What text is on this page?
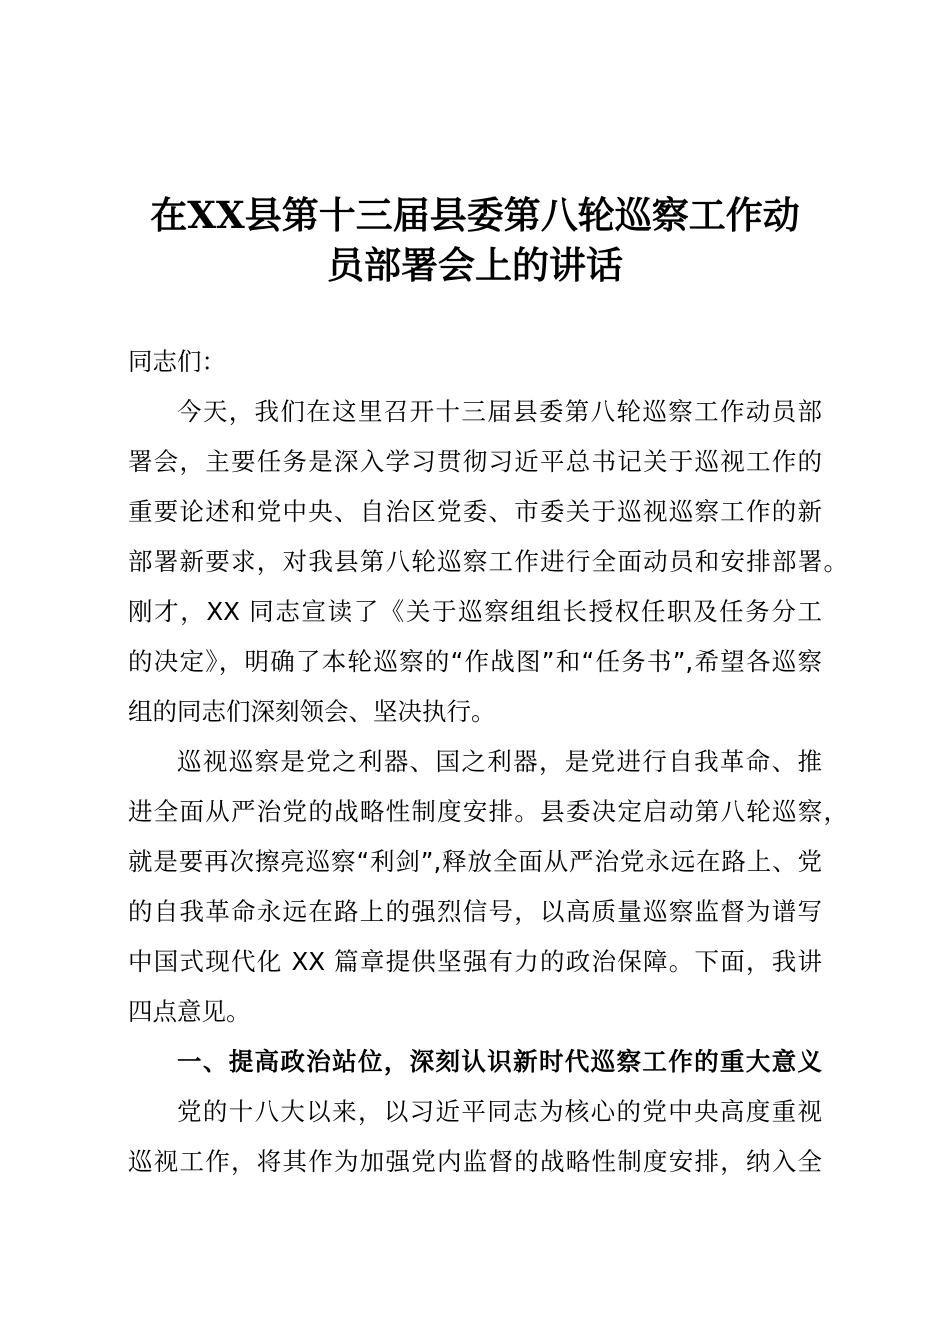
在XX县第十三届县委第八轮巡察工作动
员部署会上的讲话
同志们：
今天，我们在这里召开十三届县委第八轮巡察工作动员部
署会，主要任务是深入学习贯彻习近平总书记关于巡视工作的
重要论述和党中央、自治区党委、市委关于巡视巡察工作的新
部署新要求，对我县第八轮巡察工作进行全面动员和安排部署。
刚才，XX 同志宣读了《关于巡察组组长授权任职及任务分工
的决定》，明确了本轮巡察的“作战图”和“任务书”,希望各巡察
组的同志们深刻领会、坚决执行。
巡视巡察是党之利器、国之利器，是党进行自我革命、推
进全面从严治党的战略性制度安排。县委决定启动第八轮巡察，
就是要再次擦亮巡察“利剑”,释放全面从严治党永远在路上、党
的自我革命永远在路上的强烈信号，以高质量巡察监督为谱写
中国式现代化 XX 篇章提供坚强有力的政治保障。下面，我讲
四点意见。
一、提高政治站位，深刻认识新时代巡察工作的重大意义
党的十八大以来，以习近平同志为核心的党中央高度重视
巡视工作，将其作为加强党内监督的战略性制度安排，纳入全
